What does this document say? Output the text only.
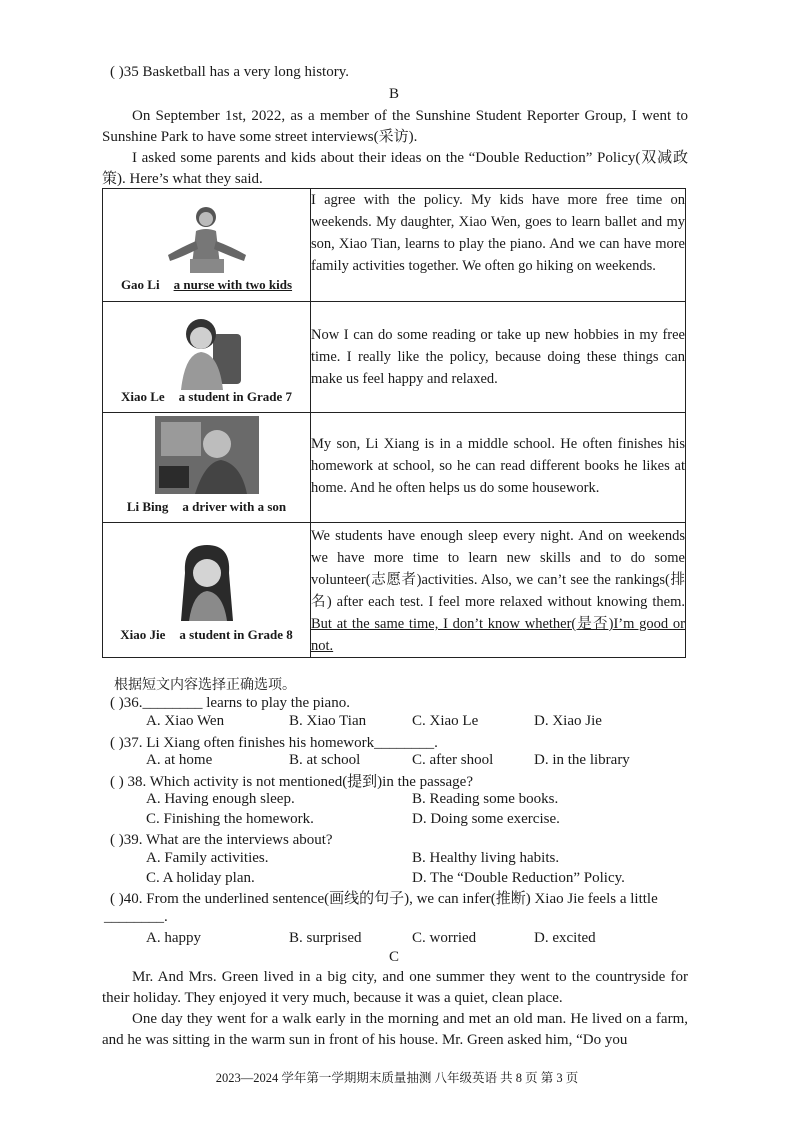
( )35 Basketball has a very long history.
B
On September 1st, 2022, as a member of the Sunshine Student Reporter Group, I went to Sunshine Park to have some street interviews(采访).
I asked some parents and kids about their ideas on the “Double Reduction” Policy(双减政策). Here’s what they said.
Gao Li a nurse with two kids	I agree with the policy. My kids have more free time on weekends. My daughter, Xiao Wen, goes to learn ballet and my son, Xiao Tian, learns to play the piano. And we can have more family activities together. We often go hiking on weekends.

Xiao Le a student in Grade 7	Now I can do some reading or take up new hobbies in my free time. I really like the policy, because doing these things can make us feel happy and relaxed.

Li Bing a driver with a son	My son, Li Xiang is in a middle school. He often finishes his homework at school, so he can read different books he likes at home. And he often helps us do some housework.

Xiao Jie a student in Grade 8	We students have enough sleep every night. And on weekends we have more time to learn new skills and to do some volunteer(志愿者)activities. Also, we can’t see the rankings(排名) after each test. I feel more relaxed without knowing them. But at the same time, I don’t know whether(是否)I’m good or not.
根据短文内容选择正确选项。
( )36.________ learns to play the piano.
A. Xiao Wen	B. Xiao Tian	C. Xiao Le	D. Xiao Jie
( )37. Li Xiang often finishes his homework________.
A. at home	B. at school	C. after shool	D. in the library
( ) 38. Which activity is not mentioned(提到)in the passage?
A. Having enough sleep.	B. Reading some books.
C. Finishing the homework.	D. Doing some exercise.
( )39. What are the interviews about?
A. Family activities.	B. Healthy living habits.
C. A holiday plan.	D. The “Double Reduction” Policy.
( )40. From the underlined sentence(画线的句子), we can infer(推断) Xiao Jie feels a little
________.
A. happy	B. surprised	C. worried	D. excited
C
Mr. And Mrs. Green lived in a big city, and one summer they went to the countryside for their holiday. They enjoyed it very much, because it was a quiet, clean place.
One day they went for a walk early in the morning and met an old man. He lived on a farm, and he was sitting in the warm sun in front of his house. Mr. Green asked him, “Do you
2023—2024 学年第一学期期末质量抽测 八年级英语 共 8 页 第 3 页
